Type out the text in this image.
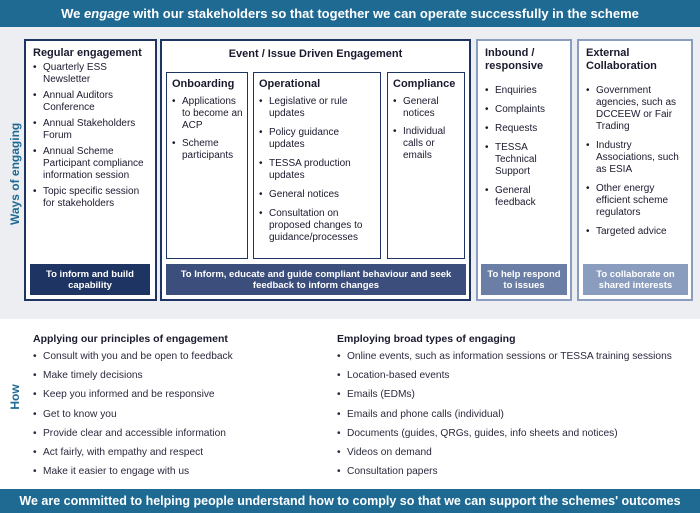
We engage with our stakeholders so that together we can operate successfully in the scheme
Ways of engaging
Regular engagement
• Quarterly ESS Newsletter
• Annual Auditors Conference
• Annual Stakeholders Forum
• Annual Scheme Participant compliance information session
• Topic specific session for stakeholders
To inform and build capability
Event / Issue Driven Engagement
Onboarding
• Applications to become an ACP
• Scheme participants
Operational
• Legislative or rule updates
• Policy guidance updates
• TESSA production updates
• General notices
• Consultation on proposed changes to guidance/processes
Compliance
• General notices
• Individual calls or emails
To Inform, educate and guide compliant behaviour and seek feedback to inform changes
Inbound / responsive
• Enquiries
• Complaints
• Requests
• TESSA Technical Support
• General feedback
To help respond to issues
External Collaboration
• Government agencies, such as DCCEEW or Fair Trading
• Industry Associations, such as ESIA
• Other energy efficient scheme regulators
• Targeted advice
To collaborate on shared interests
How
Applying our principles of engagement
• Consult with you and be open to feedback
• Make timely decisions
• Keep you informed and be responsive
• Get to know you
• Provide clear and accessible information
• Act fairly, with empathy and respect
• Make it easier to engage with us
Employing broad types of engaging
• Online events, such as information sessions or TESSA training sessions
• Location-based events
• Emails (EDMs)
• Emails and phone calls (individual)
• Documents (guides, QRGs, guides, info sheets and notices)
• Videos on demand
• Consultation papers
We are committed to helping people understand how to comply so that we can support the schemes' outcomes
